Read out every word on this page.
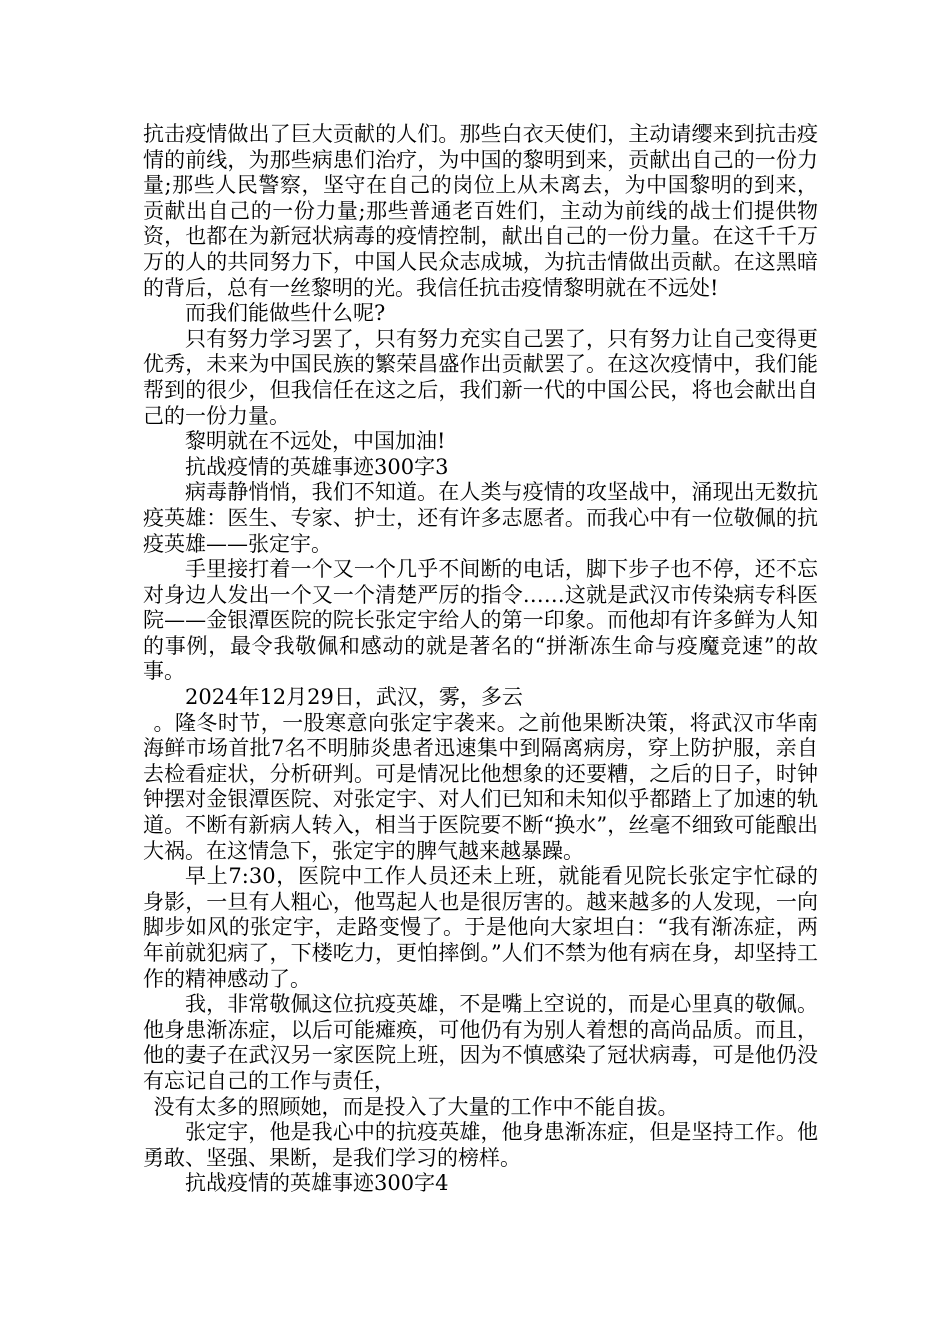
抗击疫情做出了巨大贡献的人们。那些白衣天使们，主动请缨来到抗击疫情的前线，为那些病患们治疗，为中国的黎明到来，贡献出自己的一份力量;那些人民警察，坚守在自己的岗位上从未离去，为中国黎明的到来，贡献出自己的一份力量;那些普通老百姓们，主动为前线的战士们提供物资，也都在为新冠状病毒的疫情控制，献出自己的一份力量。在这千千万万的人的共同努力下，中国人民众志成城，为抗击情做出贡献。在这黑暗的背后，总有一丝黎明的光。我信任抗击疫情黎明就在不远处!

而我们能做些什么呢?

只有努力学习罢了，只有努力充实自己罢了，只有努力让自己变得更优秀，未来为中国民族的繁荣昌盛作出贡献罢了。在这次疫情中，我们能帮到的很少，但我信任在这之后，我们新一代的中国公民，将也会献出自己的一份力量。

黎明就在不远处，中国加油!

抗战疫情的英雄事迹300字3

病毒静悄悄，我们不知道。在人类与疫情的攻坚战中，涌现出无数抗疫英雄：医生、专家、护士，还有许多志愿者。而我心中有一位敬佩的抗疫英雄——张定宇。

手里接打着一个又一个几乎不间断的电话，脚下步子也不停，还不忘对身边人发出一个又一个清楚严厉的指令……这就是武汉市传染病专科医院——金银潭医院的院长张定宇给人的第一印象。而他却有许多鲜为人知的事例，最令我敬佩和感动的就是著名的“拼渐冻生命与疫魔竞速”的故事。

2024年12月29日，武汉，雾，多云

。隆冬时节，一股寒意向张定宇袭来。之前他果断决策，将武汉市华南海鲜市场首批7名不明肺炎患者迅速集中到隔离病房，穿上防护服，亲自去检看症状，分析研判。可是情况比他想象的还要糟，之后的日子，时钟钟摆对金银潭医院、对张定宇、对人们已知和未知似乎都踏上了加速的轨道。不断有新病人转入，相当于医院要不断“换水”，丝毫不细致可能酿出大祸。在这情急下，张定宇的脾气越来越暴躁。

早上7:30，医院中工作人员还未上班，就能看见院长张定宇忙碌的身影，一旦有人粗心，他骂起人也是很厉害的。越来越多的人发现，一向脚步如风的张定宇，走路变慢了。于是他向大家坦白：“我有渐冻症，两年前就犯病了，下楼吃力，更怕摔倒。”人们不禁为他有病在身，却坚持工作的精神感动了。

我，非常敬佩这位抗疫英雄，不是嘴上空说的，而是心里真的敬佩。他身患渐冻症，以后可能瘫痪，可他仍有为别人着想的高尚品质。而且，他的妻子在武汉另一家医院上班，因为不慎感染了冠状病毒，可是他仍没有忘记自己的工作与责任，

没有太多的照顾她，而是投入了大量的工作中不能自拔。

张定宇，他是我心中的抗疫英雄，他身患渐冻症，但是坚持工作。他勇敢、坚强、果断，是我们学习的榜样。

抗战疫情的英雄事迹300字4
